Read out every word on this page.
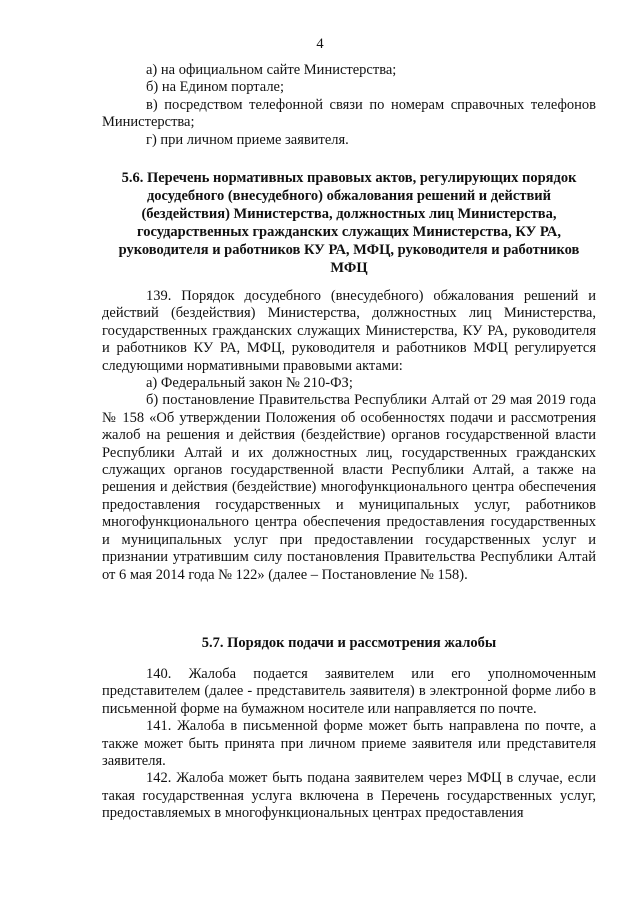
4

а) на официальном сайте Министерства;

б) на Едином портале;

в) посредством телефонной связи по номерам справочных телефонов Министерства;

г) при личном приеме заявителя.

5.6. Перечень нормативных правовых актов, регулирующих порядок досудебного (внесудебного) обжалования решений и действий (бездействия) Министерства, должностных лиц Министерства, государственных гражданских служащих Министерства, КУ РА, руководителя и работников КУ РА, МФЦ, руководителя и работников МФЦ

139. Порядок досудебного (внесудебного) обжалования решений и действий (бездействия) Министерства, должностных лиц Министерства, государственных гражданских служащих Министерства, КУ РА, руководителя и работников КУ РА, МФЦ, руководителя и работников МФЦ регулируется следующими нормативными правовыми актами:

а) Федеральный закон № 210-ФЗ;

б) постановление Правительства Республики Алтай от 29 мая 2019 года № 158 «Об утверждении Положения об особенностях подачи и рассмотрения жалоб на решения и действия (бездействие) органов государственной власти Республики Алтай и их должностных лиц, государственных гражданских служащих органов государственной власти Республики Алтай, а также на решения и действия (бездействие) многофункционального центра обеспечения предоставления государственных и муниципальных услуг, работников многофункционального центра обеспечения предоставления государственных и муниципальных услуг при предоставлении государственных услуг и признании утратившим силу постановления Правительства Республики Алтай от 6 мая 2014 года № 122» (далее – Постановление № 158).

5.7. Порядок подачи и рассмотрения жалобы

140. Жалоба подается заявителем или его уполномоченным представителем (далее - представитель заявителя) в электронной форме либо в письменной форме на бумажном носителе или направляется по почте.

141. Жалоба в письменной форме может быть направлена по почте, а также может быть принята при личном приеме заявителя или представителя заявителя.

142. Жалоба может быть подана заявителем через МФЦ в случае, если такая государственная услуга включена в Перечень государственных услуг, предоставляемых в многофункциональных центрах предоставления
